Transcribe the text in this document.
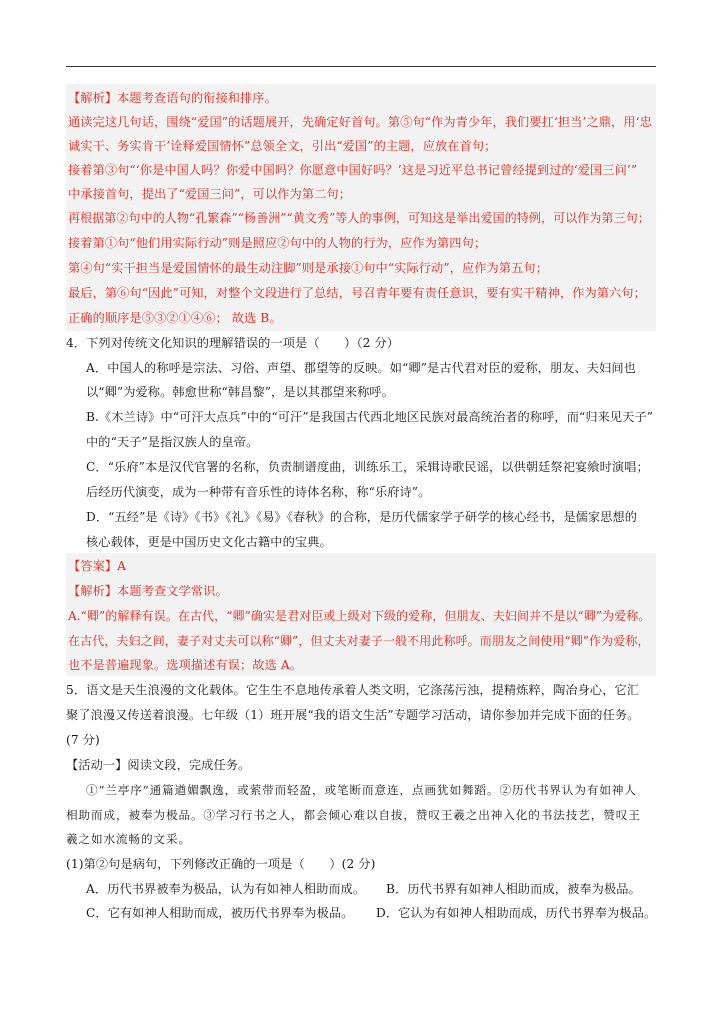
【解析】本题考查语句的衔接和排序。
通读完这几句话，围绕“爱国”的话题展开，先确定好首句。第⑤句“作为青少年，我们要扛‘担当’之鼎，用‘忠
诚实干、务实肯干’诠释爱国情怀”总领全文，引出“爱国”的主题，应放在首句；
接着第③句“‘你是中国人吗？你爱中国吗？你愿意中国好吗？’这是习近平总书记曾经提到过的‘爱国三问’”
中承接首句，提出了“爱国三问”，可以作为第二句；
再根据第②句中的人物“孔繁森”“杨善洲”“黄文秀”等人的事例，可知这是举出爱国的特例，可以作为第三句；
接着第①句“他们用实际行动”则是照应②句中的人物的行为，应作为第四句；
第④句“实干担当是爱国情怀的最生动注脚”则是承接①句中“实际行动”，应作为第五句；
最后，第⑥句“因此”可知，对整个文段进行了总结，号召青年要有责任意识，要有实干精神，作为第六句；
正确的顺序是⑤③②①④⑥； 故选 B。
4．下列对传统文化知识的理解错误的一项是（　　）（2 分）
A．中国人的称呼是宗法、习俗、声望、郡望等的反映。如“卿”是古代君对臣的爱称，朋友、夫妇间也
以“卿”为爱称。韩愈世称“韩昌黎”，是以其郡望来称呼。
B.《木兰诗》中“可汗大点兵”中的“可汗”是我国古代西北地区民族对最高统治者的称呼，而“归来见天子”
中的“天子”是指汉族人的皇帝。
C．“乐府”本是汉代官署的名称，负责制谱度曲，训练乐工，采辑诗歌民谣，以供朝廷祭祀宴飨时演唱；
后经历代演变，成为一种带有音乐性的诗体名称，称“乐府诗”。
D．“五经”是《诗》《书》《礼》《易》《春秋》的合称，是历代儒家学子研学的核心经书，是儒家思想的
核心载体，更是中国历史文化古籍中的宝典。
【答案】A
【解析】本题考查文学常识。
A.“卿”的解释有误。在古代，“卿”确实是君对臣或上级对下级的爱称，但朋友、夫妇间并不是以“卿”为爱称。
在古代，夫妇之间，妻子对丈夫可以称“卿”，但丈夫对妻子一般不用此称呼。而朋友之间使用“卿”作为爱称，
也不是普遍现象。选项描述有误；故选 A。
5．语文是天生浪漫的文化载体。它生生不息地传承着人类文明，它涤荡污浊，提精炼粹，陶冶身心，它汇
聚了浪漫又传送着浪漫。七年级（1）班开展“我的语文生活”专题学习活动，请你参加并完成下面的任务。
(7 分)
【活动一】阅读文段，完成任务。
①“兰亭序”通篇遒媚飘逸，或萦带而轻盈，或笔断而意连，点画犹如舞蹈。②历代书界认为有如神人
相助而成，被奉为极品。③学习行书之人，都会倾心难以自拔，赞叹王羲之出神入化的书法技艺，赞叹王
羲之如水流畅的文采。
(1)第②句是病句，下列修改正确的一项是（　　）(2 分)
A．历代书界被奉为极品，认为有如神人相助而成。 B．历代书界有如神人相助而成，被奉为极品。
C．它有如神人相助而成，被历代书界奉为极品。 D．它认为有如神人相助而成，历代书界奉为极品。
